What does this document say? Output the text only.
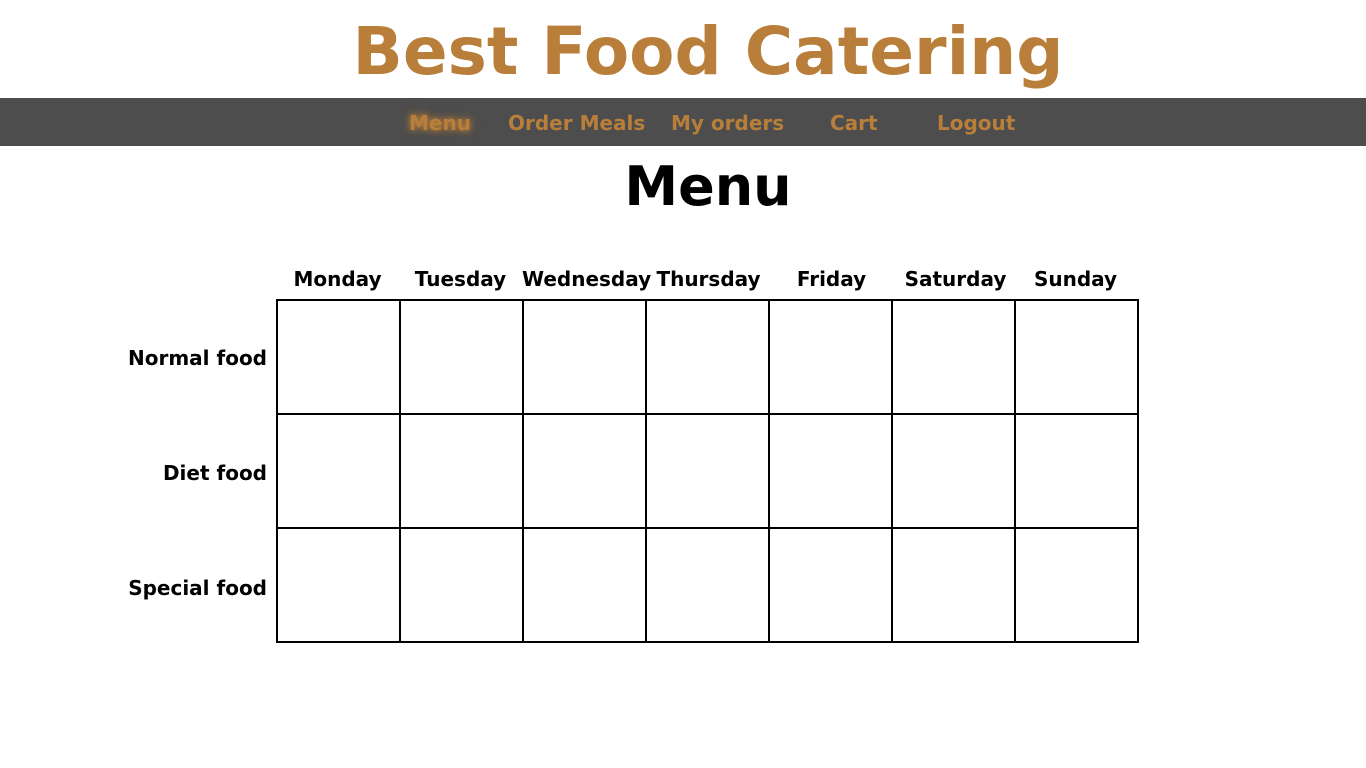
Best Food Catering
Menu Order Meals My orders Cart	Logout
Menu
Monday	Tuesday Wednesday Thursday	Friday	Saturday	Sunday
Normal food
Diet food
Special food
